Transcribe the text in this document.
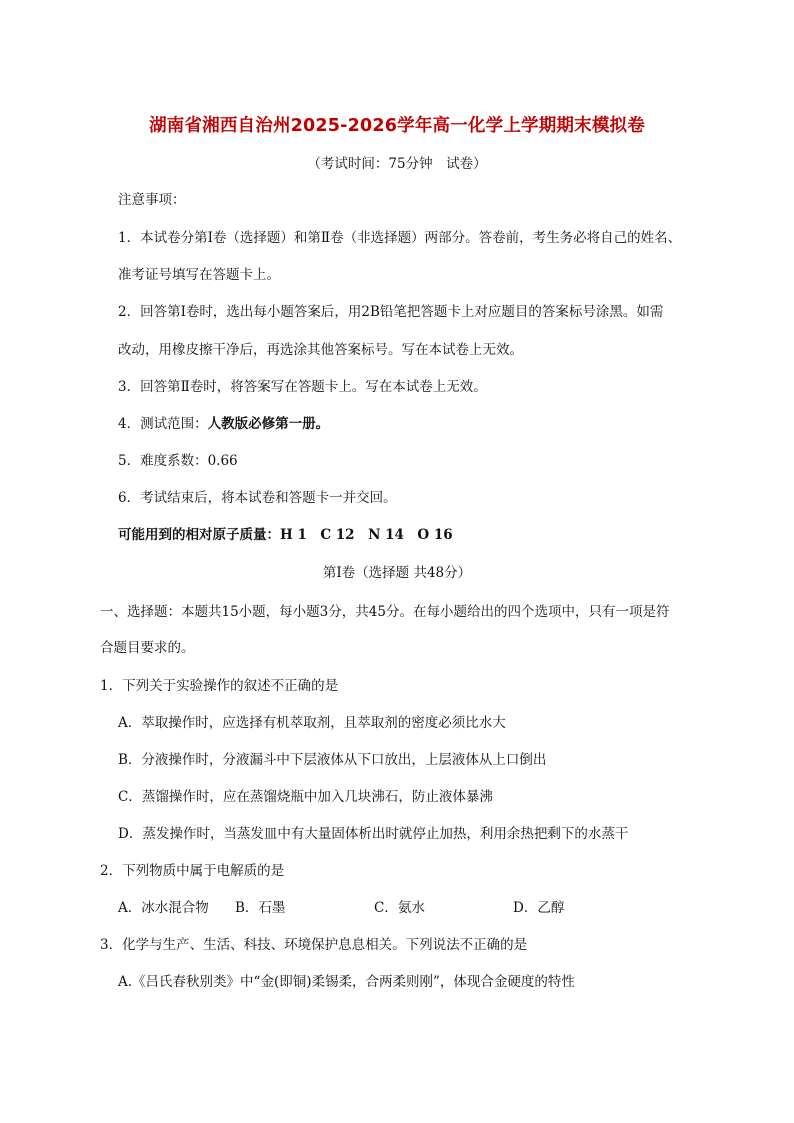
湖南省湘西自治州2025-2026学年高一化学上学期期末模拟卷
（考试时间：75分钟　试卷）
注意事项：
1．本试卷分第Ⅰ卷（选择题）和第Ⅱ卷（非选择题）两部分。答卷前，考生务必将自己的姓名、
准考证号填写在答题卡上。
2．回答第Ⅰ卷时，选出每小题答案后，用2B铅笔把答题卡上对应题目的答案标号涂黑。如需
改动，用橡皮擦干净后，再选涂其他答案标号。写在本试卷上无效。
3．回答第Ⅱ卷时，将答案写在答题卡上。写在本试卷上无效。
4．测试范围：人教版必修第一册。
5．难度系数：0.66
6．考试结束后，将本试卷和答题卡一并交回。
可能用到的相对原子质量：H 1　C 12　N 14　O 16
第Ⅰ卷（选择题 共48分）
一、选择题：本题共15小题，每小题3分，共45分。在每小题给出的四个选项中，只有一项是符
合题目要求的。
1．下列关于实验操作的叙述不正确的是
A．萃取操作时，应选择有机萃取剂，且萃取剂的密度必须比水大
B．分液操作时，分液漏斗中下层液体从下口放出，上层液体从上口倒出
C．蒸馏操作时，应在蒸馏烧瓶中加入几块沸石，防止液体暴沸
D．蒸发操作时，当蒸发皿中有大量固体析出时就停止加热，利用余热把剩下的水蒸干
2．下列物质中属于电解质的是
A．冰水混合物 B．石墨	C．氨水	D．乙醇
3．化学与生产、生活、科技、环境保护息息相关。下列说法不正确的是
A.《吕氏春秋别类》中“金(即铜)柔锡柔，合两柔则刚”，体现合金硬度的特性
